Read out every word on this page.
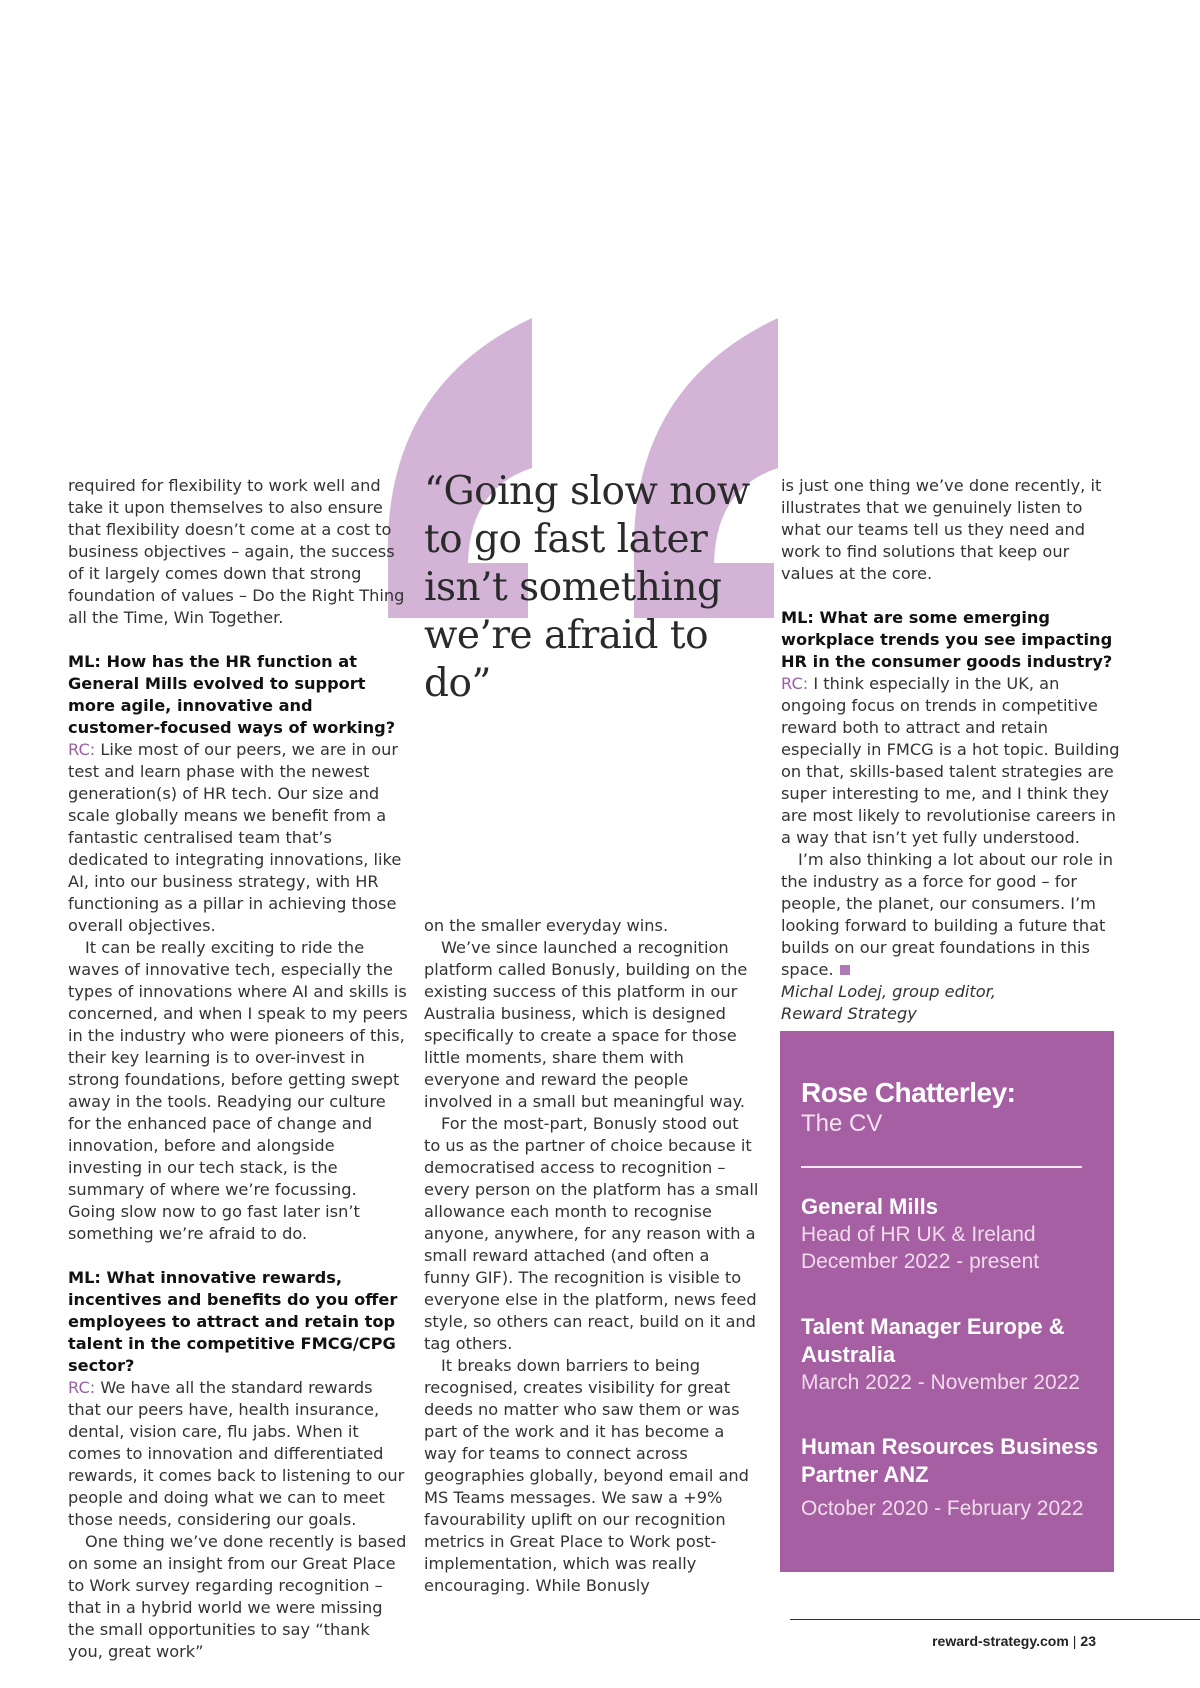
required for flexibility to work well and take it upon themselves to also ensure that flexibility doesn’t come at a cost to business objectives – again, the success of it largely comes down that strong foundation of values – Do the Right Thing all the Time, Win Together.

ML: How has the HR function at General Mills evolved to support more agile, innovative and customer-focused ways of working?

RC: Like most of our peers, we are in our test and learn phase with the newest generation(s) of HR tech. Our size and scale globally means we benefit from a fantastic centralised team that’s dedicated to integrating innovations, like AI, into our business strategy, with HR functioning as a pillar in achieving those overall objectives.

It can be really exciting to ride the waves of innovative tech, especially the types of innovations where AI and skills is concerned, and when I speak to my peers in the industry who were pioneers of this, their key learning is to over-invest in strong foundations, before getting swept away in the tools. Readying our culture for the enhanced pace of change and innovation, before and alongside investing in our tech stack, is the summary of where we’re focussing. Going slow now to go fast later isn’t something we’re afraid to do.

ML: What innovative rewards, incentives and benefits do you offer employees to attract and retain top talent in the competitive FMCG/CPG sector?

RC: We have all the standard rewards that our peers have, health insurance, dental, vision care, flu jabs. When it comes to innovation and differentiated rewards, it comes back to listening to our people and doing what we can to meet those needs, considering our goals.

One thing we’ve done recently is based on some an insight from our Great Place to Work survey regarding recognition – that in a hybrid world we were missing the small opportunities to say “thank you, great work”

“Going slow now to go fast later isn’t something we’re afraid to do”

on the smaller everyday wins.

We’ve since launched a recognition platform called Bonusly, building on the existing success of this platform in our Australia business, which is designed specifically to create a space for those little moments, share them with everyone and reward the people involved in a small but meaningful way.

For the most-part, Bonusly stood out to us as the partner of choice because it democratised access to recognition – every person on the platform has a small allowance each month to recognise anyone, anywhere, for any reason with a small reward attached (and often a funny GIF). The recognition is visible to everyone else in the platform, news feed style, so others can react, build on it and tag others.

It breaks down barriers to being recognised, creates visibility for great deeds no matter who saw them or was part of the work and it has become a way for teams to connect across geographies globally, beyond email and MS Teams messages. We saw a +9% favourability uplift on our recognition metrics in Great Place to Work post-implementation, which was really encouraging. While Bonusly

is just one thing we’ve done recently, it illustrates that we genuinely listen to what our teams tell us they need and work to find solutions that keep our values at the core.

ML: What are some emerging workplace trends you see impacting HR in the consumer goods industry?

RC: I think especially in the UK, an ongoing focus on trends in competitive reward both to attract and retain especially in FMCG is a hot topic. Building on that, skills-based talent strategies are super interesting to me, and I think they are most likely to revolutionise careers in a way that isn’t yet fully understood.

I’m also thinking a lot about our role in the industry as a force for good – for people, the planet, our consumers. I’m looking forward to building a future that builds on our great foundations in this space.

Michal Lodej, group editor,

Reward Strategy

Rose Chatterley:
The CV
General Mills
Head of HR UK & Ireland
December 2022 - present
Talent Manager Europe & Australia
March 2022 - November 2022
Human Resources Business Partner ANZ
October 2020 - February 2022
reward-strategy.com | 23
